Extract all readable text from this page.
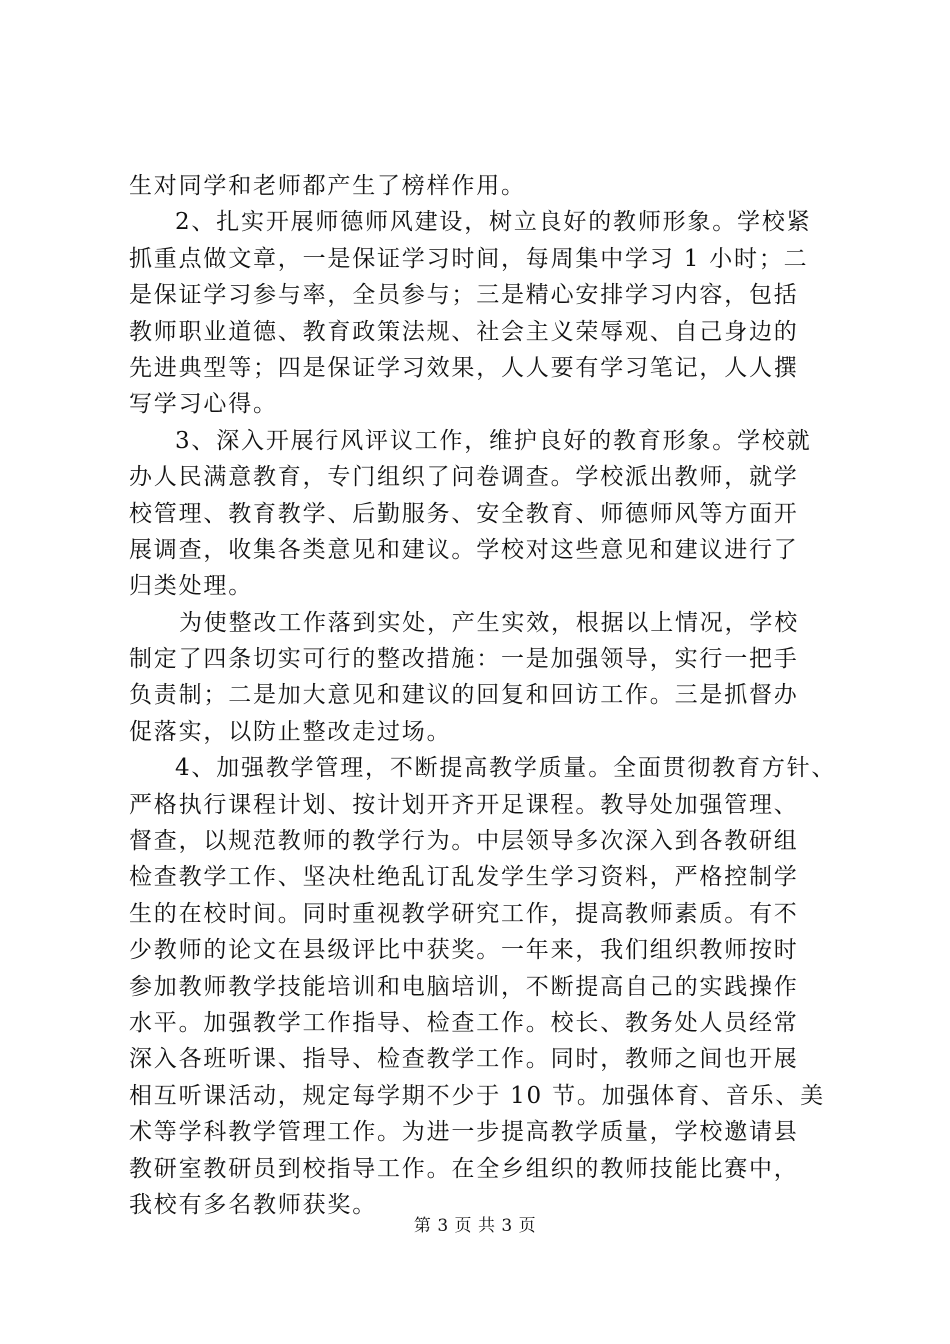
生对同学和老师都产生了榜样作用。
2、扎实开展师德师风建设，树立良好的教师形象。学校紧
抓重点做文章，一是保证学习时间，每周集中学习 1 小时；二
是保证学习参与率，全员参与；三是精心安排学习内容，包括
教师职业道德、教育政策法规、社会主义荣辱观、自己身边的
先进典型等；四是保证学习效果，人人要有学习笔记，人人撰
写学习心得。
3、深入开展行风评议工作，维护良好的教育形象。学校就
办人民满意教育，专门组织了问卷调查。学校派出教师，就学
校管理、教育教学、后勤服务、安全教育、师德师风等方面开
展调查，收集各类意见和建议。学校对这些意见和建议进行了
归类处理。
为使整改工作落到实处，产生实效，根据以上情况，学校
制定了四条切实可行的整改措施：一是加强领导，实行一把手
负责制；二是加大意见和建议的回复和回访工作。三是抓督办
促落实，以防止整改走过场。
4、加强教学管理，不断提高教学质量。全面贯彻教育方针、
严格执行课程计划、按计划开齐开足课程。教导处加强管理、
督查，以规范教师的教学行为。中层领导多次深入到各教研组
检查教学工作、坚决杜绝乱订乱发学生学习资料，严格控制学
生的在校时间。同时重视教学研究工作，提高教师素质。有不
少教师的论文在县级评比中获奖。一年来，我们组织教师按时
参加教师教学技能培训和电脑培训，不断提高自己的实践操作
水平。加强教学工作指导、检查工作。校长、教务处人员经常
深入各班听课、指导、检查教学工作。同时，教师之间也开展
相互听课活动，规定每学期不少于 10 节。加强体育、音乐、美
术等学科教学管理工作。为进一步提高教学质量，学校邀请县
教研室教研员到校指导工作。在全乡组织的教师技能比赛中，
我校有多名教师获奖。
第 3 页 共 3 页
